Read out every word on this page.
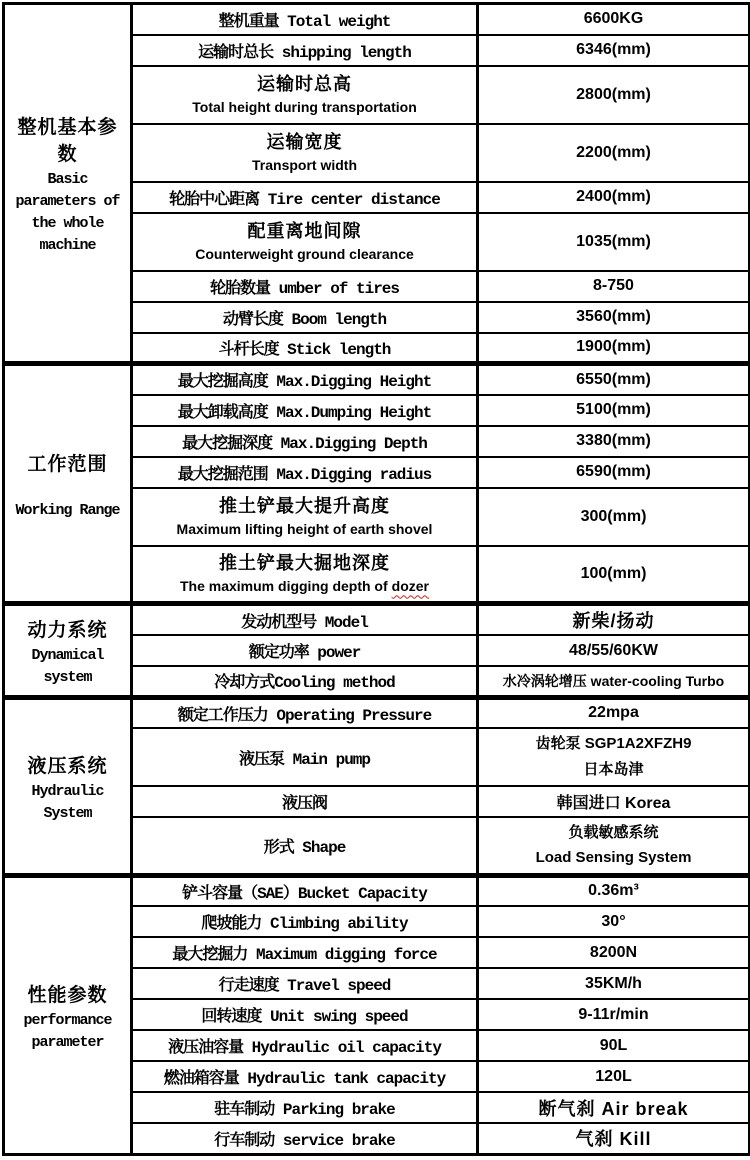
整机基本参数
Basic
parameters of
the whole
machine	整机重量 Total weight	6600KG
	运输时总长 shipping length	6346(mm)

	运输时总高
Total height during transportation	2800(mm)

	运输宽度
Transport width	2200(mm)
	轮胎中心距离 Tire center distance	2400(mm)

	配重离地间隙
Counterweight ground clearance	1035(mm)
	轮胎数量 umber of tires	8-750
	动臂长度 Boom length	3560(mm)
	斗杆长度 Stick length	1900(mm)

工作范围
Working Range	最大挖掘高度 Max.Digging Height	6550(mm)
	最大卸载高度 Max.Dumping Height	5100(mm)
	最大挖掘深度 Max.Digging Depth	3380(mm)
	最大挖掘范围 Max.Digging radius	6590(mm)

	推土铲最大提升高度
Maximum lifting height of earth shovel	300(mm)

	推土铲最大掘地深度
The maximum digging depth of dozer	100(mm)

动力系统
Dynamical
system	发动机型号 Model	新柴/扬动
	额定功率 power	48/55/60KW
	冷却方式Cooling method	水冷涡轮增压 water-cooling Turbo

液压系统
Hydraulic
System	额定工作压力 Operating Pressure	22mpa
	液压泵 Main pump	齿轮泵 SGP1A2XFZH9
日本岛津

	液压阀	韩国进口 Korea
	形式 Shape	负载敏感系统
Load Sensing System

性能参数
performance
parameter	铲斗容量（SAE）Bucket Capacity	0.36m³
	爬坡能力 Climbing ability	30°
	最大挖掘力 Maximum digging force	8200N
	行走速度 Travel speed	35KM/h
	回转速度 Unit swing speed	9-11r/min
	液压油容量 Hydraulic oil capacity	90L
	燃油箱容量 Hydraulic tank capacity	120L
	驻车制动 Parking brake	断气刹 Air break
	行车制动 service brake	气刹 Kill
